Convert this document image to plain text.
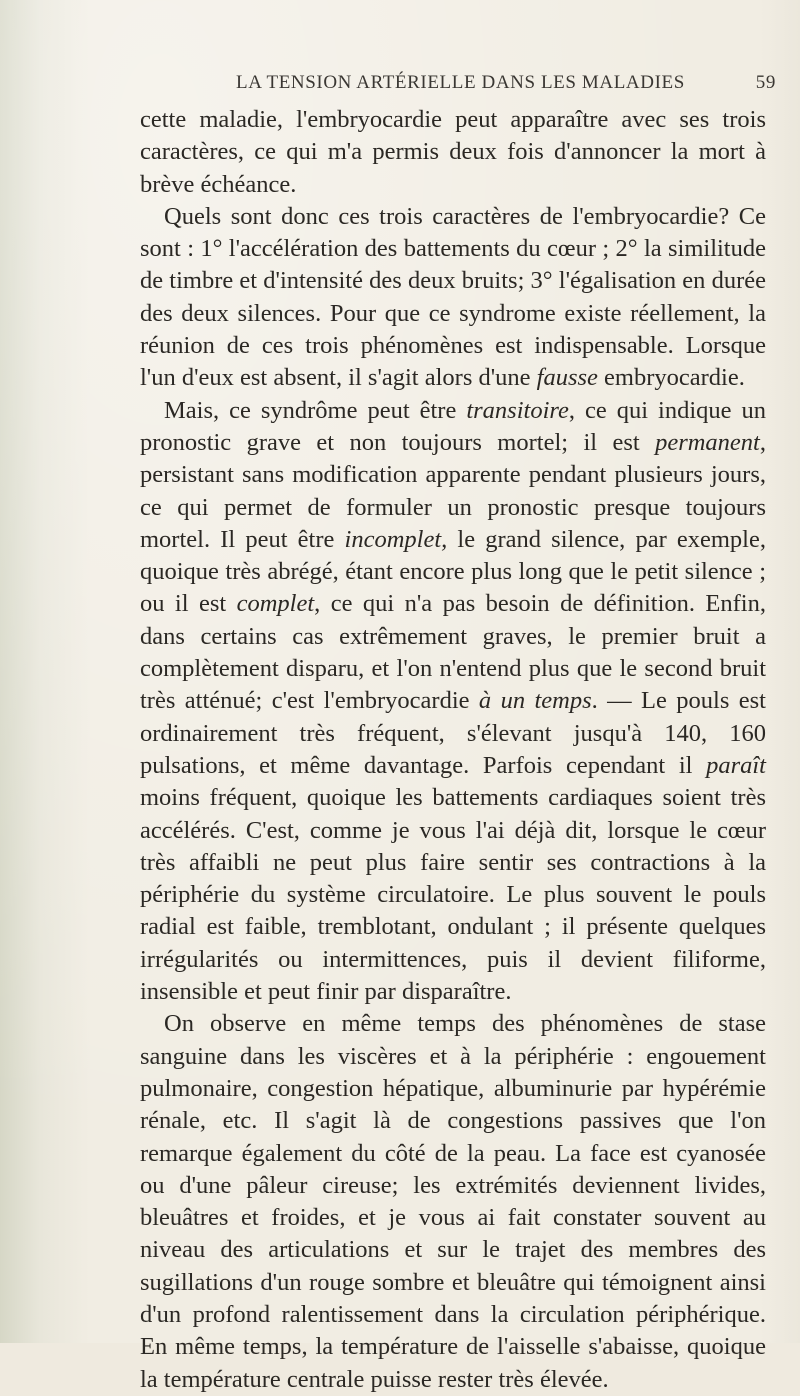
LA TENSION ARTÉRIELLE DANS LES MALADIES	59

cette maladie, l'embryocardie peut apparaître avec ses trois caractères, ce qui m'a permis deux fois d'annoncer la mort à brève échéance.

Quels sont donc ces trois caractères de l'embryocardie? Ce sont : 1° l'accélération des battements du cœur ; 2° la similitude de timbre et d'intensité des deux bruits; 3° l'égalisation en durée des deux silences. Pour que ce syndrome existe réellement, la réunion de ces trois phénomènes est indispensable. Lorsque l'un d'eux est absent, il s'agit alors d'une fausse embryocardie.

Mais, ce syndrôme peut être transitoire, ce qui indique un pronostic grave et non toujours mortel; il est permanent, persistant sans modification apparente pendant plusieurs jours, ce qui permet de formuler un pronostic presque toujours mortel. Il peut être incomplet, le grand silence, par exemple, quoique très abrégé, étant encore plus long que le petit silence ; ou il est complet, ce qui n'a pas besoin de définition. Enfin, dans certains cas extrêmement graves, le premier bruit a complètement disparu, et l'on n'entend plus que le second bruit très atténué; c'est l'embryocardie à un temps. — Le pouls est ordinairement très fréquent, s'élevant jusqu'à 140, 160 pulsations, et même davantage. Parfois cependant il paraît moins fréquent, quoique les battements cardiaques soient très accélérés. C'est, comme je vous l'ai déjà dit, lorsque le cœur très affaibli ne peut plus faire sentir ses contractions à la périphérie du système circulatoire. Le plus souvent le pouls radial est faible, tremblotant, ondulant ; il présente quelques irrégularités ou intermittences, puis il devient filiforme, insensible et peut finir par disparaître.

On observe en même temps des phénomènes de stase sanguine dans les viscères et à la périphérie : engouement pulmonaire, congestion hépatique, albuminurie par hypérémie rénale, etc. Il s'agit là de congestions passives que l'on remarque également du côté de la peau. La face est cyanosée ou d'une pâleur cireuse; les extrémités deviennent livides, bleuâtres et froides, et je vous ai fait constater souvent au niveau des articulations et sur le trajet des membres des sugillations d'un rouge sombre et bleuâtre qui témoignent ainsi d'un profond ralentissement dans la circulation périphérique. En même temps, la température de l'aisselle s'abaisse, quoique la température centrale puisse rester très élevée.
